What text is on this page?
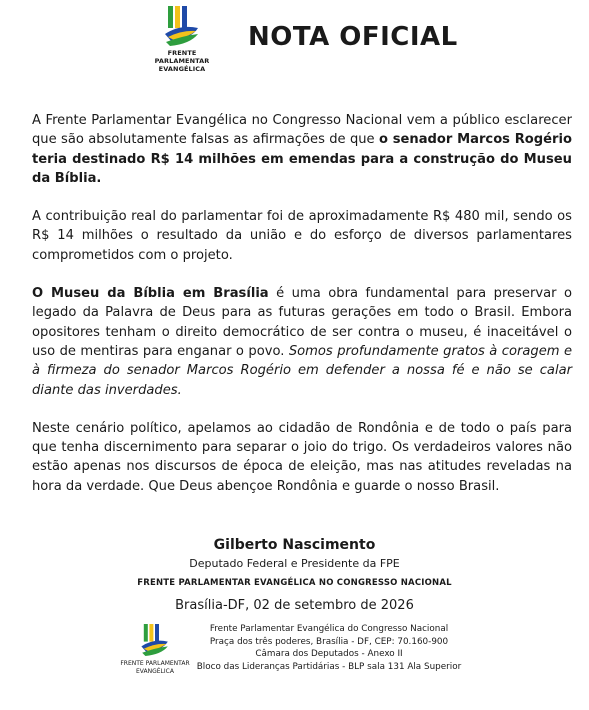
FRENTE PARLAMENTAR
EVANGÉLICA
NOTA OFICIAL

A Frente Parlamentar Evangélica no Congresso Nacional vem a público esclarecer que são absolutamente falsas as afirmações de que o senador Marcos Rogério teria destinado R$ 14 milhões em emendas para a construção do Museu da Bíblia.

A contribuição real do parlamentar foi de aproximadamente R$ 480 mil, sendo os R$ 14 milhões o resultado da união e do esforço de diversos parlamentares comprometidos com o projeto.

O Museu da Bíblia em Brasília é uma obra fundamental para preservar o legado da Palavra de Deus para as futuras gerações em todo o Brasil. Embora opositores tenham o direito democrático de ser contra o museu, é inaceitável o uso de mentiras para enganar o povo. Somos profundamente gratos à coragem e à firmeza do senador Marcos Rogério em defender a nossa fé e não se calar diante das inverdades.

Neste cenário político, apelamos ao cidadão de Rondônia e de todo o país para que tenha discernimento para separar o joio do trigo. Os verdadeiros valores não estão apenas nos discursos de época de eleição, mas nas atitudes reveladas na hora da verdade. Que Deus abençoe Rondônia e guarde o nosso Brasil.

Gilberto Nascimento
Deputado Federal e Presidente da FPE
FRENTE PARLAMENTAR EVANGÉLICA NO CONGRESSO NACIONAL
Brasília-DF, 02 de setembro de 2026
FRENTE PARLAMENTAR
EVANGÉLICA
Frente Parlamentar Evangélica do Congresso Nacional
Praça dos três poderes, Brasília - DF, CEP: 70.160-900
Câmara dos Deputados - Anexo II
Bloco das Lideranças Partidárias - BLP sala 131 Ala Superior
